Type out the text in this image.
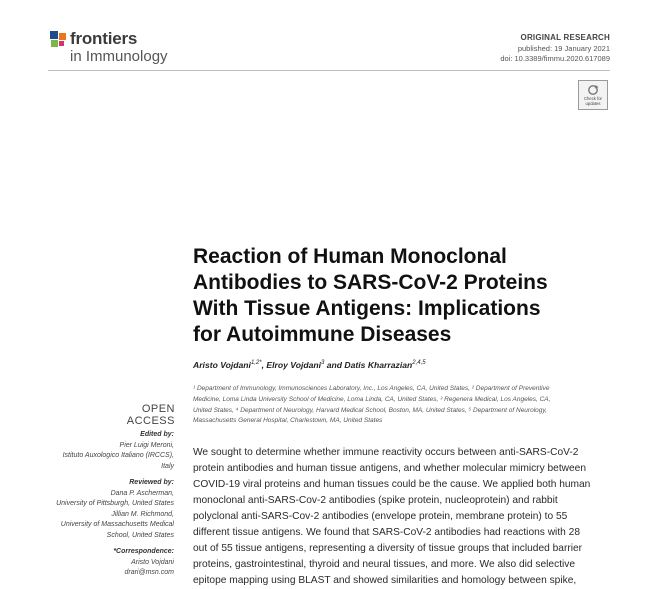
frontiers
in Immunology
ORIGINAL RESEARCH
published: 19 January 2021
doi: 10.3389/fimmu.2020.617089
Check for updates
Reaction of Human Monoclonal
Antibodies to SARS-CoV-2 Proteins
With Tissue Antigens: Implications
for Autoimmune Diseases
Aristo Vojdani$^{1,2*}$, Elroy Vojdani$^3$ and Datis Kharrazian$^{2,4,5}$
¹ Department of Immunology, Immunosciences Laboratory, Inc., Los Angeles, CA, United States, ² Department of Preventive
Medicine, Loma Linda University School of Medicine, Loma Linda, CA, United States, ³ Regenera Medical, Los Angeles, CA,
United States, ⁴ Department of Neurology, Harvard Medical School, Boston, MA, United States, ⁵ Department of Neurology,
Massachusetts General Hospital, Charlestown, MA, United States
OPEN ACCESS
Edited by:
Pier Luigi Meroni,
Istituto Auxologico Italiano (IRCCS),
Italy
Reviewed by:
Dana P. Ascherman,
University of Pittsburgh, United States
Jillian M. Richmond,
University of Massachusetts Medical
School, United States
*Correspondence:
Aristo Vojdani
drari@msn.com
We sought to determine whether immune reactivity occurs between anti-SARS-CoV-2
protein antibodies and human tissue antigens, and whether molecular mimicry between
COVID-19 viral proteins and human tissues could be the cause. We applied both human
monoclonal anti-SARS-Cov-2 antibodies (spike protein, nucleoprotein) and rabbit
polyclonal anti-SARS-Cov-2 antibodies (envelope protein, membrane protein) to 55
different tissue antigens. We found that SARS-CoV-2 antibodies had reactions with 28
out of 55 tissue antigens, representing a diversity of tissue groups that included barrier
proteins, gastrointestinal, thyroid and neural tissues, and more. We also did selective
epitope mapping using BLAST and showed similarities and homology between spike,
